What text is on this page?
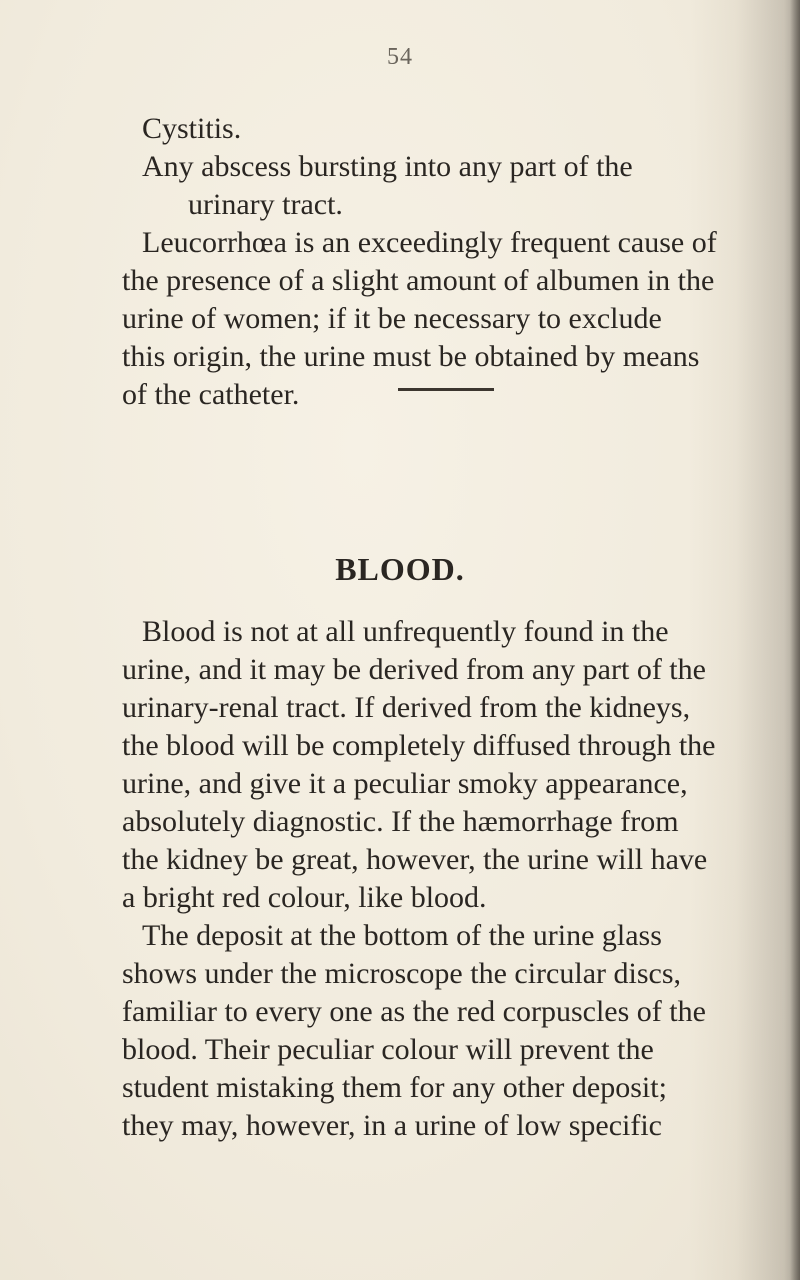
54

Cystitis.

Any abscess bursting into any part of the

urinary tract.

Leucorrhœa is an exceedingly frequent cause of

the presence of a slight amount of albumen in the

urine of women; if it be necessary to exclude

this origin, the urine must be obtained by means

of the catheter.

BLOOD.

Blood is not at all unfrequently found in the

urine, and it may be derived from any part of the

urinary-renal tract. If derived from the kidneys,

the blood will be completely diffused through the

urine, and give it a peculiar smoky appearance,

absolutely diagnostic. If the hæmorrhage from

the kidney be great, however, the urine will have

a bright red colour, like blood.

The deposit at the bottom of the urine glass

shows under the microscope the circular discs,

familiar to every one as the red corpuscles of the

blood. Their peculiar colour will prevent the

student mistaking them for any other deposit;

they may, however, in a urine of low specific
